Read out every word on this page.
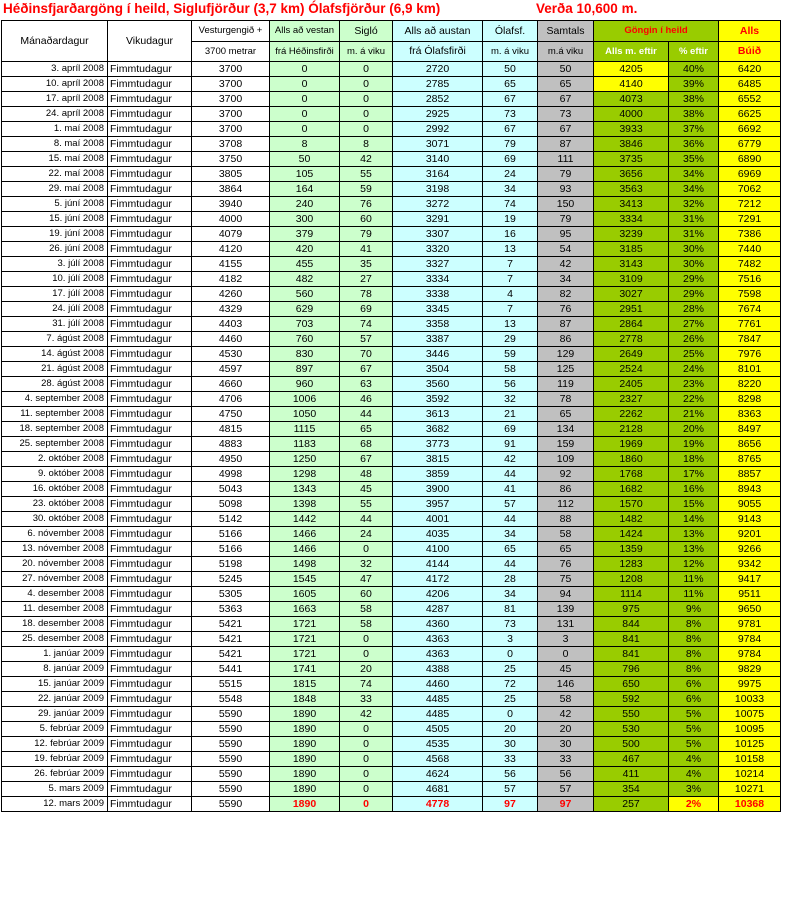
Héðinsfjarðargöng í heild, Siglufjörður (3,7 km) Ólafsfjörður (6,9 km)	Verða 10,600 m.
Mánaðardagur	Vikudagur	Vesturgengið +	Alls að vestan	Sigló	Alls að austan	Ólafsf.	Samtals	Göngin í heild		Alls
		3700 metrar	frá Héðinsfirði	m. á viku	frá Ólafsfirði	m. á viku	m.á viku	Alls m. eftir	% eftir	Búið
3. apríl 2008	Fimmtudagur	3700	0	0	2720	50	50	4205	40%	6420
10. apríl 2008	Fimmtudagur	3700	0	0	2785	65	65	4140	39%	6485
17. apríl 2008	Fimmtudagur	3700	0	0	2852	67	67	4073	38%	6552
24. apríl 2008	Fimmtudagur	3700	0	0	2925	73	73	4000	38%	6625
1. maí 2008	Fimmtudagur	3700	0	0	2992	67	67	3933	37%	6692
8. maí 2008	Fimmtudagur	3708	8	8	3071	79	87	3846	36%	6779
15. maí 2008	Fimmtudagur	3750	50	42	3140	69	111	3735	35%	6890
22. maí 2008	Fimmtudagur	3805	105	55	3164	24	79	3656	34%	6969
29. maí 2008	Fimmtudagur	3864	164	59	3198	34	93	3563	34%	7062
5. júní 2008	Fimmtudagur	3940	240	76	3272	74	150	3413	32%	7212
15. júní 2008	Fimmtudagur	4000	300	60	3291	19	79	3334	31%	7291
19. júní 2008	Fimmtudagur	4079	379	79	3307	16	95	3239	31%	7386
26. júní 2008	Fimmtudagur	4120	420	41	3320	13	54	3185	30%	7440
3. júlí 2008	Fimmtudagur	4155	455	35	3327	7	42	3143	30%	7482
10. júlí 2008	Fimmtudagur	4182	482	27	3334	7	34	3109	29%	7516
17. júlí 2008	Fimmtudagur	4260	560	78	3338	4	82	3027	29%	7598
24. júlí 2008	Fimmtudagur	4329	629	69	3345	7	76	2951	28%	7674
31. júlí 2008	Fimmtudagur	4403	703	74	3358	13	87	2864	27%	7761
7. ágúst 2008	Fimmtudagur	4460	760	57	3387	29	86	2778	26%	7847
14. ágúst 2008	Fimmtudagur	4530	830	70	3446	59	129	2649	25%	7976
21. ágúst 2008	Fimmtudagur	4597	897	67	3504	58	125	2524	24%	8101
28. ágúst 2008	Fimmtudagur	4660	960	63	3560	56	119	2405	23%	8220
4. september 2008	Fimmtudagur	4706	1006	46	3592	32	78	2327	22%	8298
11. september 2008	Fimmtudagur	4750	1050	44	3613	21	65	2262	21%	8363
18. september 2008	Fimmtudagur	4815	1115	65	3682	69	134	2128	20%	8497
25. september 2008	Fimmtudagur	4883	1183	68	3773	91	159	1969	19%	8656
2. október 2008	Fimmtudagur	4950	1250	67	3815	42	109	1860	18%	8765
9. október 2008	Fimmtudagur	4998	1298	48	3859	44	92	1768	17%	8857
16. október 2008	Fimmtudagur	5043	1343	45	3900	41	86	1682	16%	8943
23. október 2008	Fimmtudagur	5098	1398	55	3957	57	112	1570	15%	9055
30. október 2008	Fimmtudagur	5142	1442	44	4001	44	88	1482	14%	9143
6. nóvember 2008	Fimmtudagur	5166	1466	24	4035	34	58	1424	13%	9201
13. nóvember 2008	Fimmtudagur	5166	1466	0	4100	65	65	1359	13%	9266
20. nóvember 2008	Fimmtudagur	5198	1498	32	4144	44	76	1283	12%	9342
27. nóvember 2008	Fimmtudagur	5245	1545	47	4172	28	75	1208	11%	9417
4. desember 2008	Fimmtudagur	5305	1605	60	4206	34	94	1114	11%	9511
11. desember 2008	Fimmtudagur	5363	1663	58	4287	81	139	975	9%	9650
18. desember 2008	Fimmtudagur	5421	1721	58	4360	73	131	844	8%	9781
25. desember 2008	Fimmtudagur	5421	1721	0	4363	3	3	841	8%	9784
1. janúar 2009	Fimmtudagur	5421	1721	0	4363	0	0	841	8%	9784
8. janúar 2009	Fimmtudagur	5441	1741	20	4388	25	45	796	8%	9829
15. janúar 2009	Fimmtudagur	5515	1815	74	4460	72	146	650	6%	9975
22. janúar 2009	Fimmtudagur	5548	1848	33	4485	25	58	592	6%	10033
29. janúar 2009	Fimmtudagur	5590	1890	42	4485	0	42	550	5%	10075
5. febrúar 2009	Fimmtudagur	5590	1890	0	4505	20	20	530	5%	10095
12. febrúar 2009	Fimmtudagur	5590	1890	0	4535	30	30	500	5%	10125
19. febrúar 2009	Fimmtudagur	5590	1890	0	4568	33	33	467	4%	10158
26. febrúar 2009	Fimmtudagur	5590	1890	0	4624	56	56	411	4%	10214
5. mars 2009	Fimmtudagur	5590	1890	0	4681	57	57	354	3%	10271
12. mars 2009	Fimmtudagur	5590	1890	0	4778	97	97	257	2%	10368
